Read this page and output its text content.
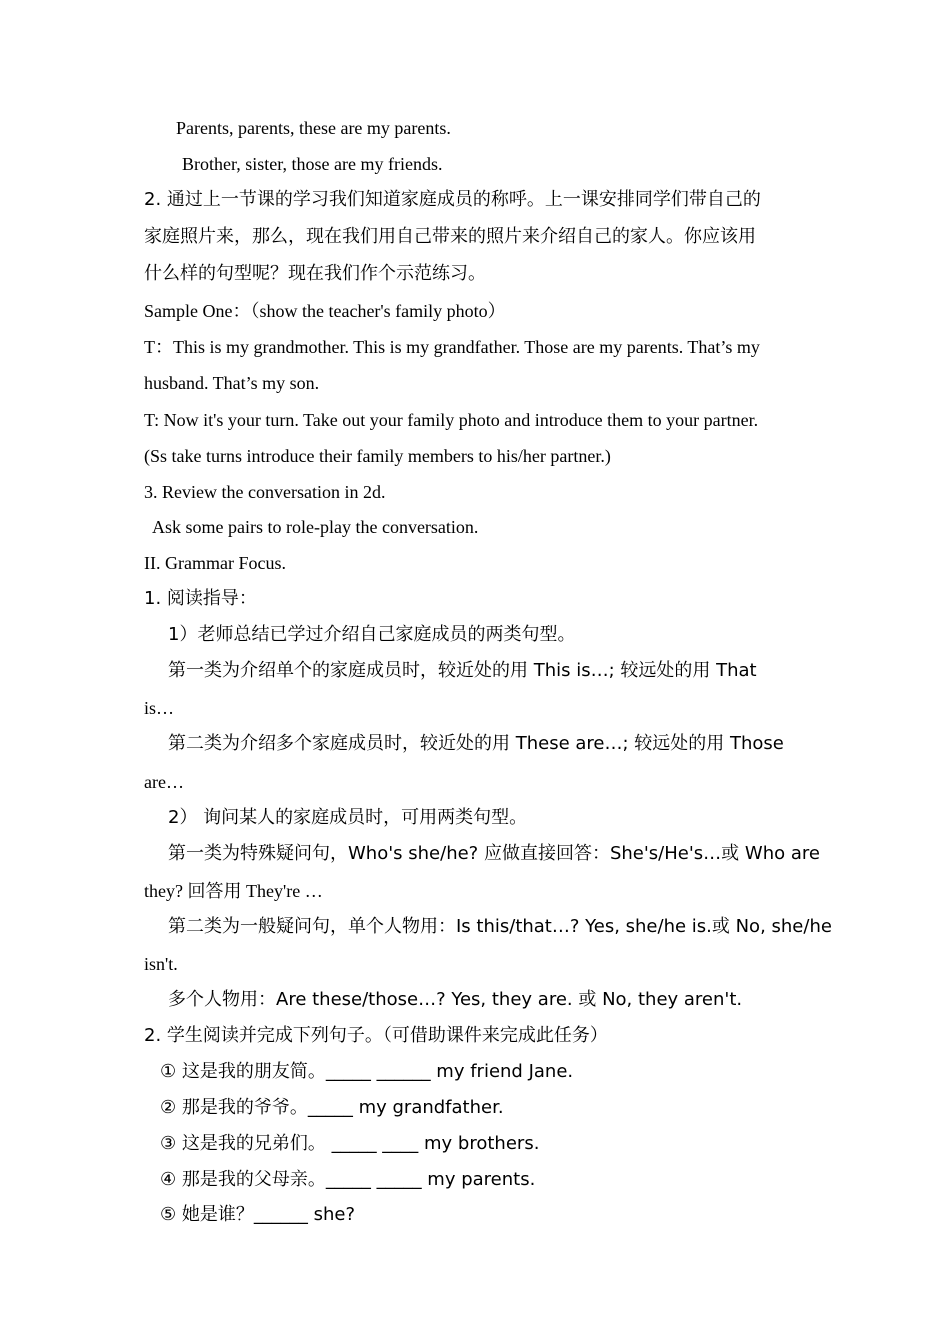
Parents, parents, these are my parents.
Brother, sister, those are my friends.
2. 通过上一节课的学习我们知道家庭成员的称呼。上一课安排同学们带自己的
家庭照片来，那么，现在我们用自己带来的照片来介绍自己的家人。你应该用
什么样的句型呢？现在我们作个示范练习。
Sample One：（show the teacher's family photo）
T：This is my grandmother. This is my grandfather. Those are my parents. That’s my
husband. That’s my son.
T: Now it's your turn. Take out your family photo and introduce them to your partner.
(Ss take turns introduce their family members to his/her partner.)
3. Review the conversation in 2d.
Ask some pairs to role-play the conversation.
II. Grammar Focus.
1. 阅读指导：
1）老师总结已学过介绍自己家庭成员的两类句型。
第一类为介绍单个的家庭成员时，较近处的用 This is…; 较远处的用 That
is…
第二类为介绍多个家庭成员时，较近处的用 These are…; 较远处的用 Those
are…
2） 询问某人的家庭成员时，可用两类句型。
第一类为特殊疑问句，Who's she/he? 应做直接回答：She's/He's…或 Who are
they? 回答用 They're …
第二类为一般疑问句，单个人物用：Is this/that…? Yes, she/he is.或 No, she/he
isn't.
多个人物用：Are these/those…? Yes, they are. 或 No, they aren't.
2. 学生阅读并完成下列句子。（可借助课件来完成此任务）
① 这是我的朋友简。_____ ______ my friend Jane.
② 那是我的爷爷。_____ my grandfather.
③ 这是我的兄弟们。 _____ ____ my brothers.
④ 那是我的父母亲。_____ _____ my parents.
⑤ 她是谁？______ she?
